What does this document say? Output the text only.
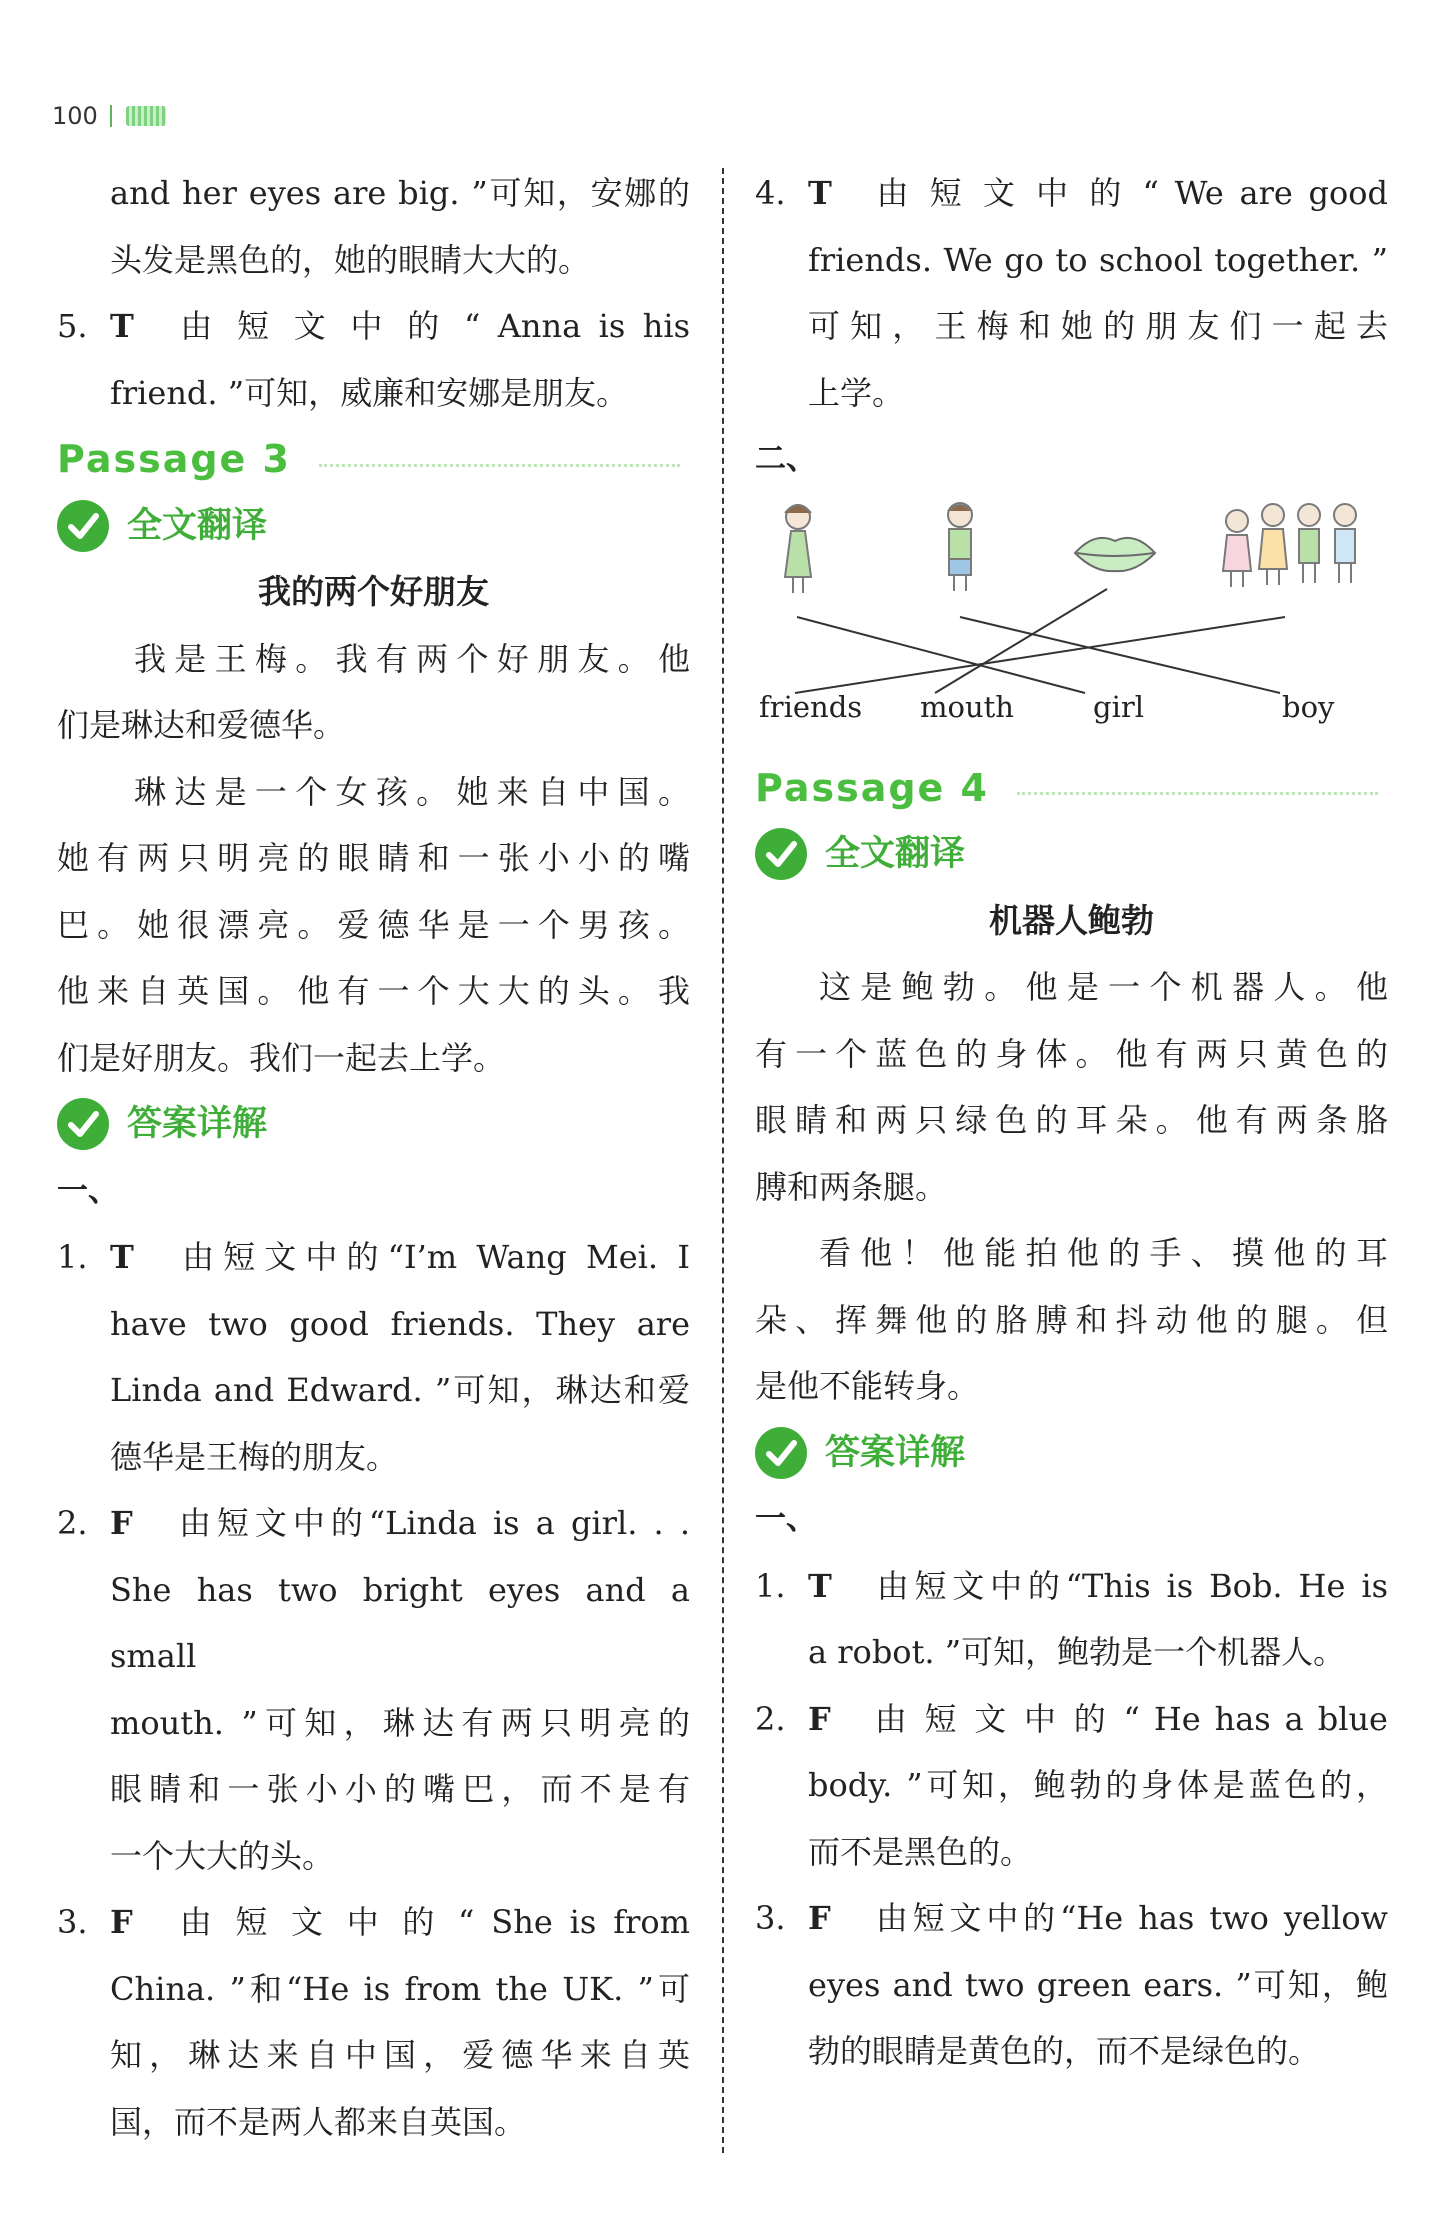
100
and her eyes are big. ”可知，安娜的
头发是黑色的，她的眼睛大大的。
5. T 由 短 文 中 的 “ Anna is his
friend. ”可知，威廉和安娜是朋友。
Passage 3
全文翻译
我的两个好朋友
我是王梅。我有两个好朋友。他
们是琳达和爱德华。
琳达是一个女孩。她来自中国。
她有两只明亮的眼睛和一张小小的嘴
巴。她很漂亮。爱德华是一个男孩。
他来自英国。他有一个大大的头。我
们是好朋友。我们一起去上学。
答案详解
一、
1. T 由短文中的“I’m Wang Mei. I
have two good friends. They are
Linda and Edward. ”可知，琳达和爱
德华是王梅的朋友。
2. F 由短文中的“Linda is a girl. . .
She has two bright eyes and a small
mouth. ”可知，琳达有两只明亮的
眼睛和一张小小的嘴巴，而不是有
一个大大的头。
3. F 由 短 文 中 的 “ She is from
China. ”和“He is from the UK. ”可
知，琳达来自中国，爱德华来自英
国，而不是两人都来自英国。
4. T 由 短 文 中 的 “ We are good
friends. We go to school together. ”
可知，王梅和她的朋友们一起去
上学。
二、
friends mouth	girl	boy
Passage 4
全文翻译
机器人鲍勃
这是鲍勃。他是一个机器人。他
有一个蓝色的身体。他有两只黄色的
眼睛和两只绿色的耳朵。他有两条胳
膊和两条腿。
看他！他能拍他的手、摸他的耳
朵、挥舞他的胳膊和抖动他的腿。但
是他不能转身。
答案详解
一、
1. T 由短文中的“This is Bob. He is
a robot. ”可知，鲍勃是一个机器人。
2. F 由 短 文 中 的 “ He has a blue
body. ”可知，鲍勃的身体是蓝色的，
而不是黑色的。
3. F 由短文中的“He has two yellow
eyes and two green ears. ”可知，鲍
勃的眼睛是黄色的，而不是绿色的。
